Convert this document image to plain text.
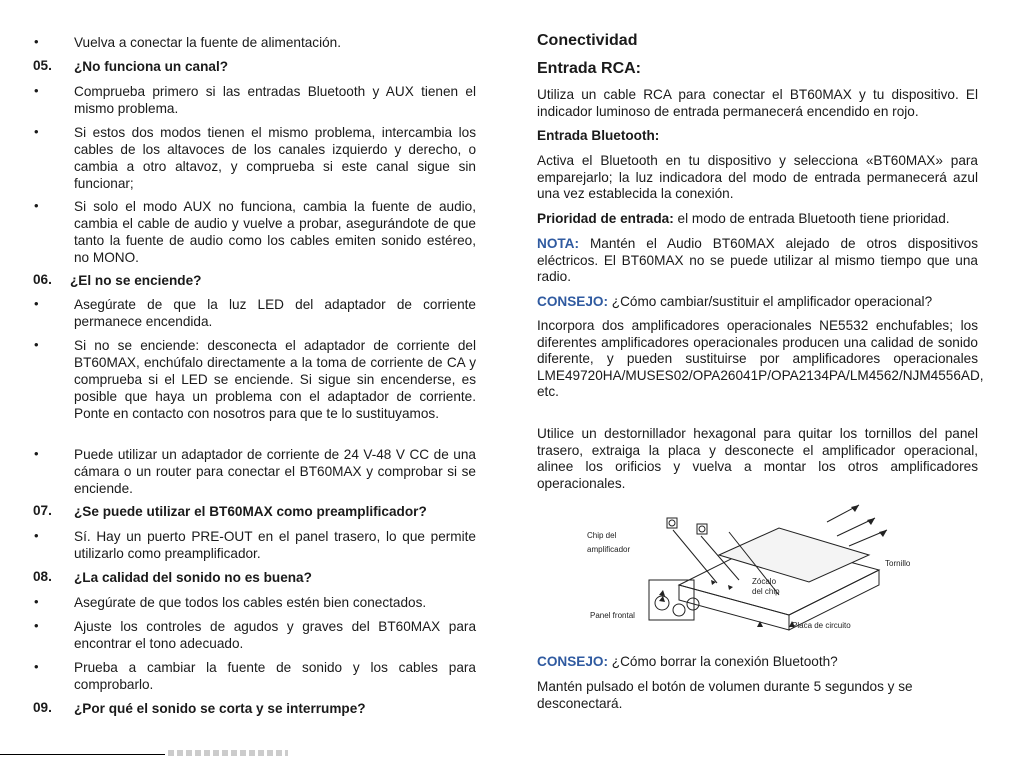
•	Vuelva a conectar la fuente de alimentación.
05. ¿No funciona un canal?
•	Comprueba primero si las entradas Bluetooth y AUX tienen el mismo problema.
•	Si estos dos modos tienen el mismo problema, intercambia los cables de los altavoces de los canales izquierdo y derecho, o cambia a otro altavoz, y comprueba si este canal sigue sin funcionar;
•	Si solo el modo AUX no funciona, cambia la fuente de audio, cambia el cable de audio y vuelve a probar, asegurándote de que tanto la fuente de audio como los cables emiten sonido estéreo, no MONO.
06. ¿El no se enciende?
•	Asegúrate de que la luz LED del adaptador de corriente permanece encendida.
•	Si no se enciende: desconecta el adaptador de corriente del BT60MAX, enchúfalo directamente a la toma de corriente de CA y comprueba si el LED se enciende. Si sigue sin encenderse, es posible que haya un problema con el adaptador de corriente. Ponte en contacto con nosotros para que te lo sustituyamos.
•	Puede utilizar un adaptador de corriente de 24 V-48 V CC de una cámara o un router para conectar el BT60MAX y comprobar si se enciende.
07. ¿Se puede utilizar el BT60MAX como preamplificador?
•	Sí. Hay un puerto PRE-OUT en el panel trasero, lo que permite utilizarlo como preamplificador.
08. ¿La calidad del sonido no es buena?
•	Asegúrate de que todos los cables estén bien conectados.
•	Ajuste los controles de agudos y graves del BT60MAX para encontrar el tono adecuado.
•	Prueba a cambiar la fuente de sonido y los cables para comprobarlo.
09. ¿Por qué el sonido se corta y se interrumpe?
Conectividad
Entrada RCA:
Utiliza un cable RCA para conectar el BT60MAX y tu dispositivo. El indicador luminoso de entrada permanecerá encendido en rojo.
Entrada Bluetooth:
Activa el Bluetooth en tu dispositivo y selecciona «BT60MAX» para emparejarlo; la luz indicadora del modo de entrada permanecerá azul una vez establecida la conexión.
Prioridad de entrada: el modo de entrada Bluetooth tiene prioridad.
NOTA: Mantén el Audio BT60MAX alejado de otros dispositivos eléctricos. El BT60MAX no se puede utilizar al mismo tiempo que una radio.
CONSEJO: ¿Cómo cambiar/sustituir el amplificador operacional?
Incorpora dos amplificadores operacionales NE5532 enchufables; los diferentes amplificadores operacionales producen una calidad de sonido diferente, y pueden sustituirse por amplificadores operacionales LME49720HA/MUSES02/OPA26041P/OPA2134PA/LM4562/NJM4556AD, etc.
Utilice un destornillador hexagonal para quitar los tornillos del panel trasero, extraiga la placa y desconecte el amplificador operacional, alinee los orificios y vuelva a montar los otros amplificadores operacionales.
Chip del amplificador
Panel frontal
Zócalo del chip
Tornillo
Placa de circuito
CONSEJO: ¿Cómo borrar la conexión Bluetooth?
Mantén pulsado el botón de volumen durante 5 segundos y se desconectará.
